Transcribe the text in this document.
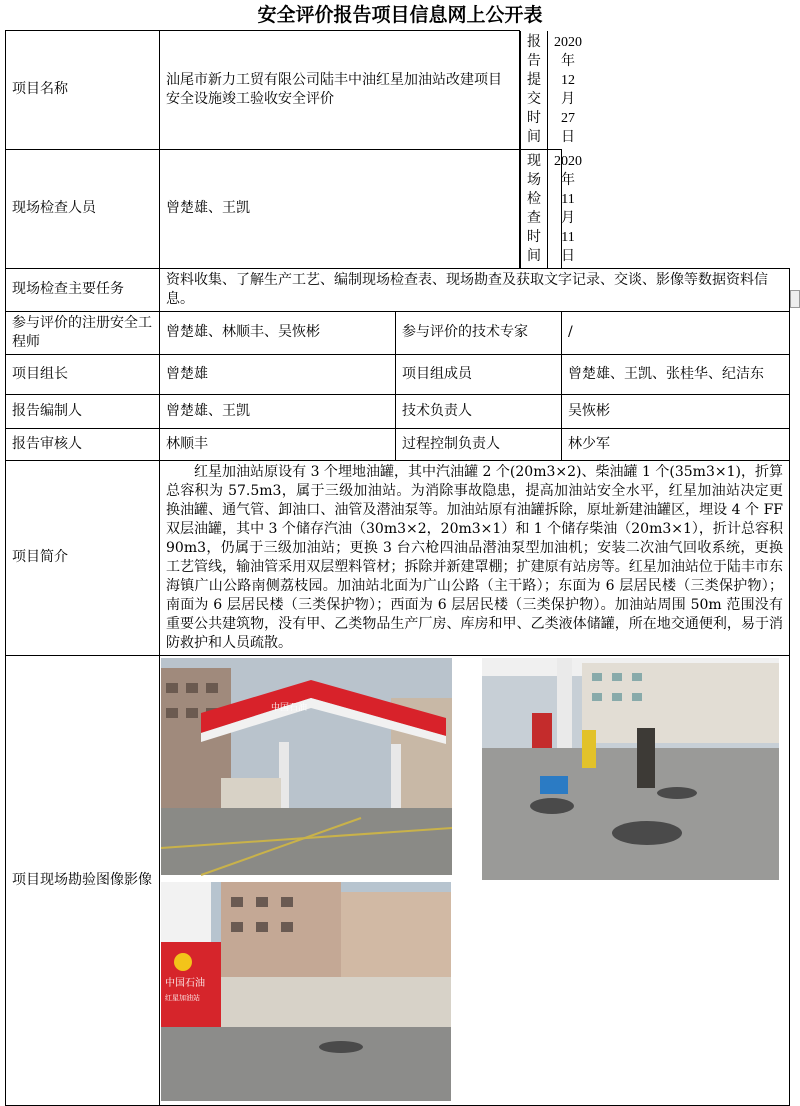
安全评价报告项目信息网上公开表
项目名称	汕尾市新力工贸有限公司陆丰中油红星加油站改建项目安全设施竣工验收安全评价	
报告提交时间	2020 年 12 月 27 日

现场检查人员	曾楚雄、王凯	
现场检查时间	2020 年 11 月 11 日

现场检查主要任务	资料收集、了解生产工艺、编制现场检查表、现场勘查及获取文字记录、交谈、影像等数据资料信息。
参与评价的注册安全工程师	曾楚雄、林顺丰、吴恢彬	参与评价的技术专家	/
项目组长	曾楚雄	项目组成员	曾楚雄、王凯、张桂华、纪洁东
报告编制人	曾楚雄、王凯	技术负责人	吴恢彬
报告审核人	林顺丰	过程控制负责人	林少军
项目简介	红星加油站原设有 3 个埋地油罐，其中汽油罐 2 个(20m3×2)、柴油罐 1 个(35m3×1)，折算总容积为 57.5m3，属于三级加油站。为消除事故隐患，提高加油站安全水平，红星加油站决定更换油罐、通气管、卸油口、油管及潜油泵等。加油站原有油罐拆除，原址新建油罐区，埋设 4 个 FF 双层油罐，其中 3 个储存汽油（30m3×2，20m3×1）和 1 个储存柴油（20m3×1），折计总容积 90m3，仍属于三级加油站；更换 3 台六枪四油品潜油泵型加油机；安装二次油气回收系统，更换工艺管线，输油管采用双层塑料管材；拆除并新建罩棚；扩建原有站房等。红星加油站位于陆丰市东海镇广山公路南侧荔枝园。加油站北面为广山公路（主干路）；东面为 6 层居民楼（三类保护物）；南面为 6 层居民楼（三类保护物）；西面为 6 层居民楼（三类保护物）。加油站周围 50m 范围没有重要公共建筑物，没有甲、乙类物品生产厂房、库房和甲、乙类液体储罐，所在地交通便利，易于消防救护和人员疏散。
项目现场勘验图像影像	
中国石油
中国石油
红星加油站
